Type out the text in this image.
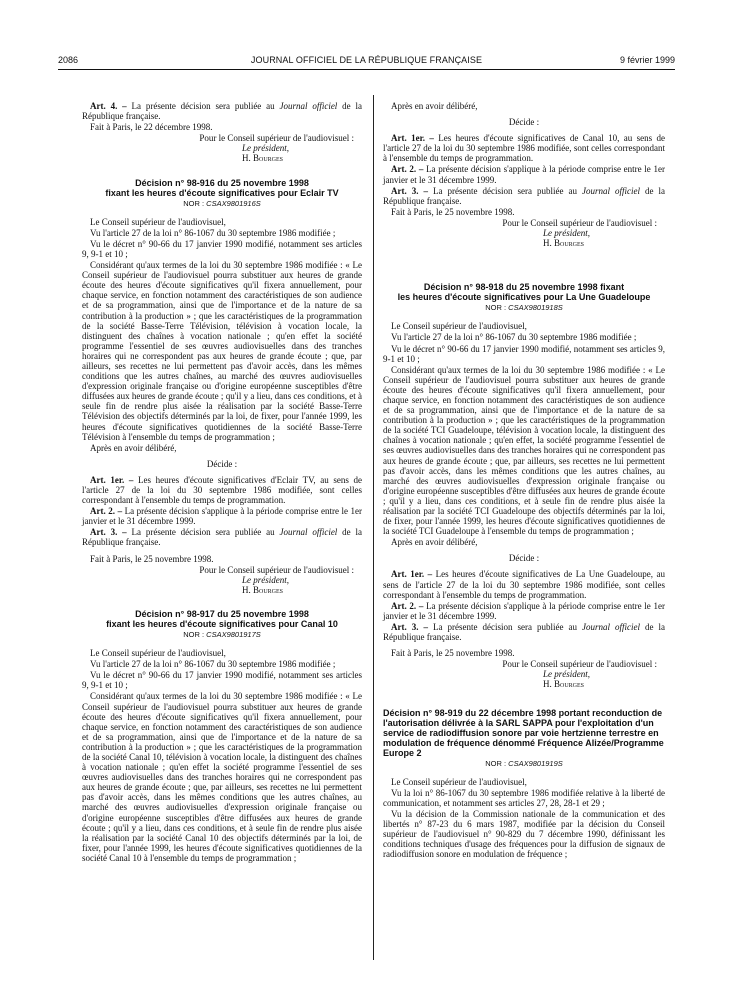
2086	JOURNAL OFFICIEL DE LA RÉPUBLIQUE FRANÇAISE	9 février 1999

Art. 4. – La présente décision sera publiée au Journal officiel de la République française.

Fait à Paris, le 22 décembre 1998.

Pour le Conseil supérieur de l'audiovisuel :
Le président,
H. Bourges
Décision n° 98-916 du 25 novembre 1998
fixant les heures d'écoute significatives pour Eclair TV
NOR : CSAX9801916S

Le Conseil supérieur de l'audiovisuel,

Vu l'article 27 de la loi n° 86-1067 du 30 septembre 1986 modifiée ;

Vu le décret n° 90-66 du 17 janvier 1990 modifié, notamment ses articles 9, 9-1 et 10 ;

Considérant qu'aux termes de la loi du 30 septembre 1986 modifiée : « Le Conseil supérieur de l'audiovisuel pourra substituer aux heures de grande écoute des heures d'écoute significatives qu'il fixera annuellement, pour chaque service, en fonction notamment des caractéristiques de son audience et de sa programmation, ainsi que de l'importance et de la nature de sa contribution à la production » ; que les caractéristiques de la programmation de la société Basse-Terre Télévision, télévision à vocation locale, la distinguent des chaînes à vocation nationale ; qu'en effet la société programme l'essentiel de ses œuvres audiovisuelles dans des tranches horaires qui ne correspondent pas aux heures de grande écoute ; que, par ailleurs, ses recettes ne lui permettent pas d'avoir accès, dans les mêmes conditions que les autres chaînes, au marché des œuvres audiovisuelles d'expression originale française ou d'origine européenne susceptibles d'être diffusées aux heures de grande écoute ; qu'il y a lieu, dans ces conditions, et à seule fin de rendre plus aisée la réalisation par la société Basse-Terre Télévision des objectifs déterminés par la loi, de fixer, pour l'année 1999, les heures d'écoute significatives quotidiennes de la société Basse-Terre Télévision à l'ensemble du temps de programmation ;

Après en avoir délibéré,

Décide :

Art. 1er. – Les heures d'écoute significatives d'Eclair TV, au sens de l'article 27 de la loi du 30 septembre 1986 modifiée, sont celles correspondant à l'ensemble du temps de programmation.

Art. 2. – La présente décision s'applique à la période comprise entre le 1er janvier et le 31 décembre 1999.

Art. 3. – La présente décision sera publiée au Journal officiel de la République française.

Fait à Paris, le 25 novembre 1998.

Pour le Conseil supérieur de l'audiovisuel :
Le président,
H. Bourges
Décision n° 98-917 du 25 novembre 1998
fixant les heures d'écoute significatives pour Canal 10
NOR : CSAX9801917S

Le Conseil supérieur de l'audiovisuel,

Vu l'article 27 de la loi n° 86-1067 du 30 septembre 1986 modifiée ;

Vu le décret n° 90-66 du 17 janvier 1990 modifié, notamment ses articles 9, 9-1 et 10 ;

Considérant qu'aux termes de la loi du 30 septembre 1986 modifiée : « Le Conseil supérieur de l'audiovisuel pourra substituer aux heures de grande écoute des heures d'écoute significatives qu'il fixera annuellement, pour chaque service, en fonction notamment des caractéristiques de son audience et de sa programmation, ainsi que de l'importance et de la nature de sa contribution à la production » ; que les caractéristiques de la programmation de la société Canal 10, télévision à vocation locale, la distinguent des chaînes à vocation nationale ; qu'en effet la société programme l'essentiel de ses œuvres audiovisuelles dans des tranches horaires qui ne correspondent pas aux heures de grande écoute ; que, par ailleurs, ses recettes ne lui permettent pas d'avoir accès, dans les mêmes conditions que les autres chaînes, au marché des œuvres audiovisuelles d'expression originale française ou d'origine européenne susceptibles d'être diffusées aux heures de grande écoute ; qu'il y a lieu, dans ces conditions, et à seule fin de rendre plus aisée la réalisation par la société Canal 10 des objectifs déterminés par la loi, de fixer, pour l'année 1999, les heures d'écoute significatives quotidiennes de la société Canal 10 à l'ensemble du temps de programmation ;

Après en avoir délibéré,

Décide :

Art. 1er. – Les heures d'écoute significatives de Canal 10, au sens de l'article 27 de la loi du 30 septembre 1986 modifiée, sont celles correspondant à l'ensemble du temps de programmation.

Art. 2. – La présente décision s'applique à la période comprise entre le 1er janvier et le 31 décembre 1999.

Art. 3. – La présente décision sera publiée au Journal officiel de la République française.

Fait à Paris, le 25 novembre 1998.

Pour le Conseil supérieur de l'audiovisuel :
Le président,
H. Bourges
Décision n° 98-918 du 25 novembre 1998 fixant
les heures d'écoute significatives pour La Une Guadeloupe
NOR : CSAX9801918S

Le Conseil supérieur de l'audiovisuel,

Vu l'article 27 de la loi n° 86-1067 du 30 septembre 1986 modifiée ;

Vu le décret n° 90-66 du 17 janvier 1990 modifié, notamment ses articles 9, 9-1 et 10 ;

Considérant qu'aux termes de la loi du 30 septembre 1986 modifiée : « Le Conseil supérieur de l'audiovisuel pourra substituer aux heures de grande écoute des heures d'écoute significatives qu'il fixera annuellement, pour chaque service, en fonction notamment des caractéristiques de son audience et de sa programmation, ainsi que de l'importance et de la nature de sa contribution à la production » ; que les caractéristiques de la programmation de la société TCI Guadeloupe, télévision à vocation locale, la distinguent des chaînes à vocation nationale ; qu'en effet, la société programme l'essentiel de ses œuvres audiovisuelles dans des tranches horaires qui ne correspondent pas aux heures de grande écoute ; que, par ailleurs, ses recettes ne lui permettent pas d'avoir accès, dans les mêmes conditions que les autres chaînes, au marché des œuvres audiovisuelles d'expression originale française ou d'origine européenne susceptibles d'être diffusées aux heures de grande écoute ; qu'il y a lieu, dans ces conditions, et à seule fin de rendre plus aisée la réalisation par la société TCI Guadeloupe des objectifs déterminés par la loi, de fixer, pour l'année 1999, les heures d'écoute significatives quotidiennes de la société TCI Guadeloupe à l'ensemble du temps de programmation ;

Après en avoir délibéré,

Décide :

Art. 1er. – Les heures d'écoute significatives de La Une Guadeloupe, au sens de l'article 27 de la loi du 30 septembre 1986 modifiée, sont celles correspondant à l'ensemble du temps de programmation.

Art. 2. – La présente décision s'applique à la période comprise entre le 1er janvier et le 31 décembre 1999.

Art. 3. – La présente décision sera publiée au Journal officiel de la République française.

Fait à Paris, le 25 novembre 1998.

Pour le Conseil supérieur de l'audiovisuel :
Le président,
H. Bourges
Décision n° 98-919 du 22 décembre 1998 portant reconduction de l'autorisation délivrée à la SARL SAPPA pour l'exploitation d'un service de radiodiffusion sonore par voie hertzienne terrestre en modulation de fréquence dénommé Fréquence Alizée/Programme Europe 2
NOR : CSAX9801919S

Le Conseil supérieur de l'audiovisuel,

Vu la loi n° 86-1067 du 30 septembre 1986 modifiée relative à la liberté de communication, et notamment ses articles 27, 28, 28-1 et 29 ;

Vu la décision de la Commission nationale de la communication et des libertés n° 87-23 du 6 mars 1987, modifiée par la décision du Conseil supérieur de l'audiovisuel n° 90-829 du 7 décembre 1990, définissant les conditions techniques d'usage des fréquences pour la diffusion de signaux de radiodiffusion sonore en modulation de fréquence ;
